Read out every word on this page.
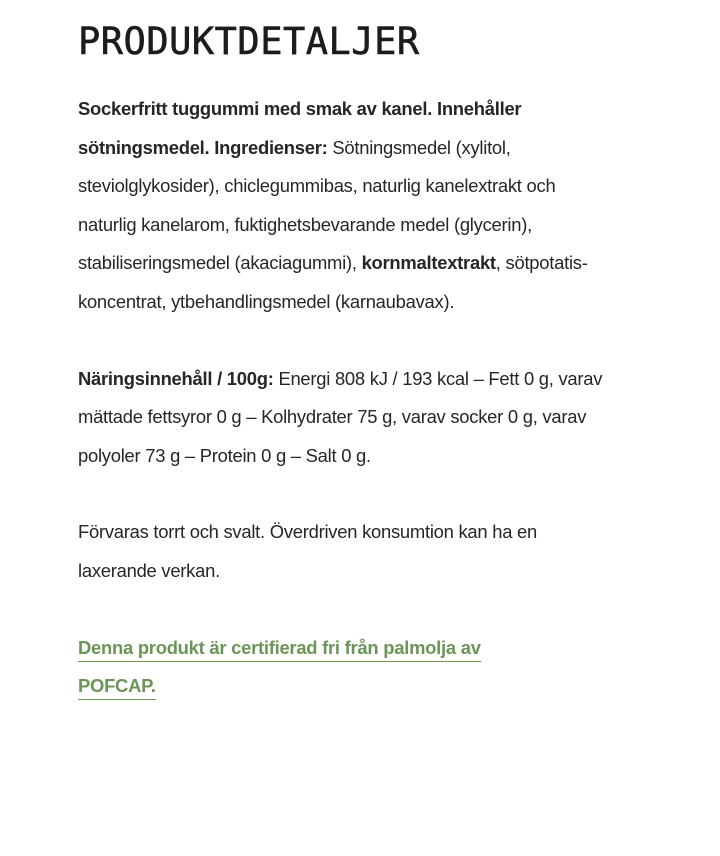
PRODUKTDETALJER

Sockerfritt tuggummi med smak av kanel. Innehåller sötningsmedel. Ingredienser: Sötningsmedel (xylitol, steviolglykosider), chiclegummibas, naturlig kanelextrakt och naturlig kanelarom, fuktighetsbevarande medel (glycerin), stabiliseringsmedel (akaciagummi), kornmaltextrakt, sötpotatis- koncentrat, ytbehandlingsmedel (karnaubavax).

Näringsinnehåll / 100g: Energi 808 kJ / 193 kcal – Fett 0 g, varav mättade fettsyror 0 g – Kolhydrater 75 g, varav socker 0 g, varav polyoler 73 g – Protein 0 g – Salt 0 g.

Förvaras torrt och svalt. Överdriven konsumtion kan ha en laxerande verkan.

Denna produkt är certifierad fri från palmolja av
POFCAP.
